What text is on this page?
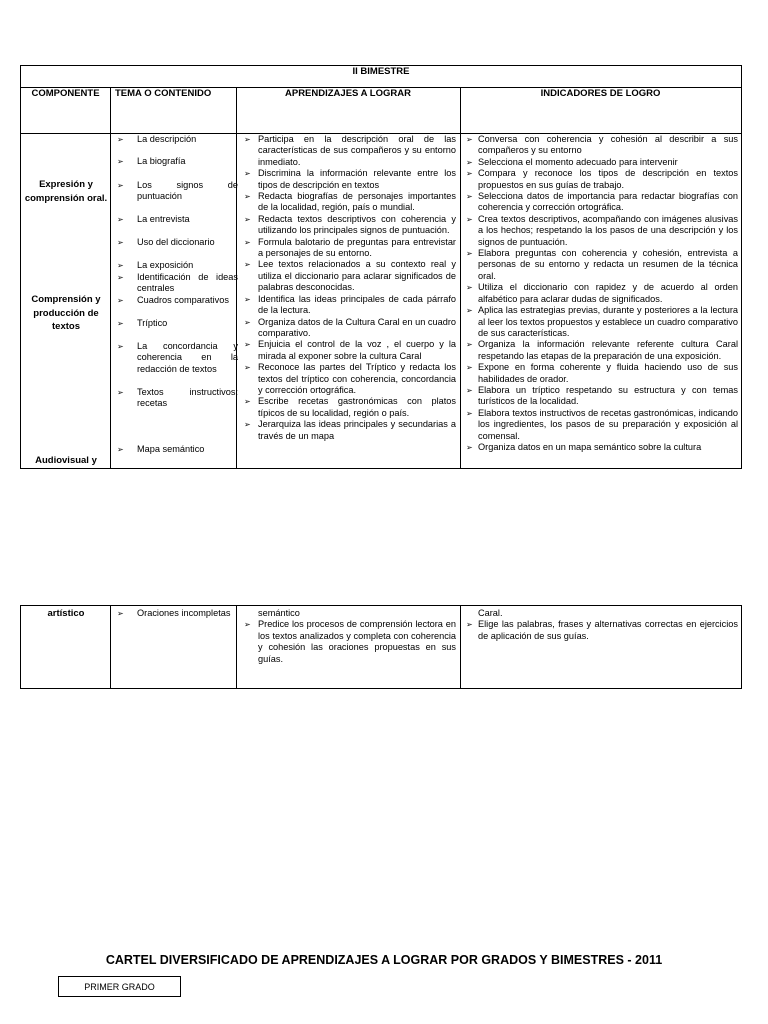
II BIMESTRE
COMPONENTE	TEMA O CONTENIDO	APRENDIZAJES A LOGRAR	INDICADORES DE LOGRO
Expresión y comprensión oral.
Comprensión y producción de textos
Audiovisual y
➢ La descripción
➢ La biografía
➢ Los signos de puntuación
➢ La entrevista
➢ Uso del diccionario
➢ La exposición
➢ Identificación de ideas centrales
➢ Cuadros comparativos
➢ Tríptico
➢ La concordancia y coherencia en la redacción de textos
➢ Textos instructivos: recetas
➢ Mapa semántico
➢ Participa en la descripción oral de las características de sus compañeros y su entorno inmediato.
➢ Discrimina la información relevante entre los tipos de descripción en textos
➢ Redacta biografías de personajes importantes de la localidad, región, país o mundial.
➢ Redacta textos descriptivos con coherencia y utilizando los principales signos de puntuación.
➢ Formula balotario de preguntas para entrevistar a personajes de su entorno.
➢ Lee textos relacionados a su contexto real y utiliza el diccionario para aclarar significados de palabras desconocidas.
➢ Identifica las ideas principales de cada párrafo de la lectura.
➢ Organiza datos de la Cultura Caral en un cuadro comparativo.
➢ Enjuicia el control de la voz , el cuerpo y la mirada al exponer sobre la cultura Caral
➢ Reconoce las partes del Tríptico y redacta los textos del tríptico con coherencia, concordancia y corrección ortográfica.
➢ Escribe recetas gastronómicas con platos típicos de su localidad, región o país.
➢ Jerarquiza las ideas principales y secundarias a través de un mapa
➢ Conversa con coherencia y cohesión al describir a sus compañeros y su entorno
➢ Selecciona el momento adecuado para intervenir
➢ Compara y reconoce los tipos de descripción en textos propuestos en sus guías de trabajo.
➢ Selecciona datos de importancia para redactar biografías con coherencia y corrección ortográfica.
➢ Crea textos descriptivos, acompañando con imágenes alusivas a los hechos; respetando la los pasos de una descripción y los signos de puntuación.
➢ Elabora preguntas con coherencia y cohesión, entrevista a personas de su entorno y redacta un resumen de la técnica oral.
➢ Utiliza el diccionario con rapidez y de acuerdo al orden alfabético para aclarar dudas de significados.
➢ Aplica las estrategias previas, durante y posteriores a la lectura al leer los textos propuestos y establece un cuadro comparativo de sus características.
➢ Organiza la información relevante referente cultura Caral respetando las etapas de la preparación de una exposición.
➢ Expone en forma coherente y fluida haciendo uso de sus habilidades de orador.
➢ Elabora un tríptico respetando su estructura y con temas turísticos de la localidad.
➢ Elabora textos instructivos de recetas gastronómicas, indicando los ingredientes, los pasos de su preparación y exposición al comensal.
➢ Organiza datos en un mapa semántico sobre la cultura
artístico
➢	Oraciones incompletas	semántico
➢ Predice los procesos de comprensión lectora en los textos analizados y completa con coherencia y cohesión las oraciones propuestas en sus guías.
Caral.
➢ Elige las palabras, frases y alternativas correctas en ejercicios de aplicación de sus guías.
CARTEL DIVERSIFICADO DE APRENDIZAJES A LOGRAR POR GRADOS Y BIMESTRES - 2011
PRIMER GRADO
